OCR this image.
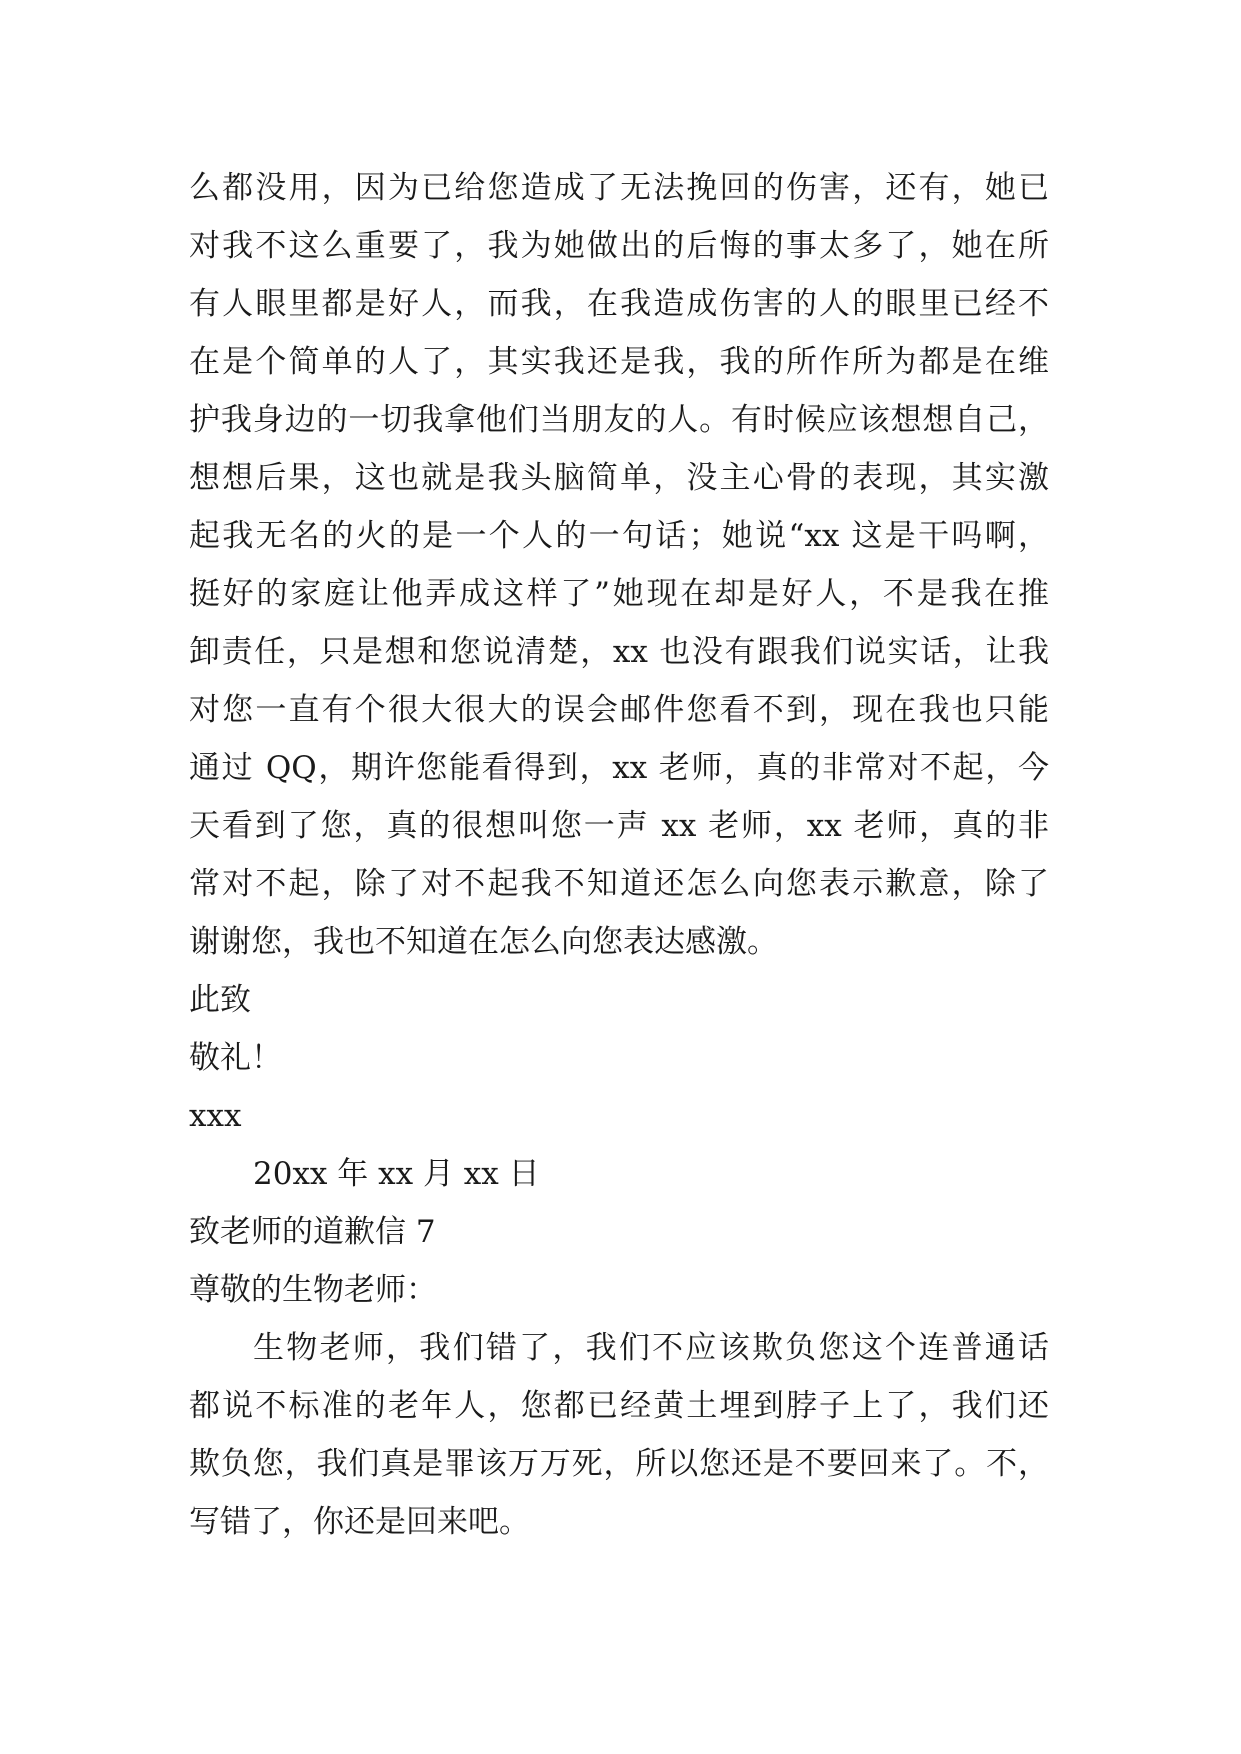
么都没用，因为已给您造成了无法挽回的伤害，还有，她已
对我不这么重要了，我为她做出的后悔的事太多了，她在所
有人眼里都是好人，而我，在我造成伤害的人的眼里已经不
在是个简单的人了，其实我还是我，我的所作所为都是在维
护我身边的一切我拿他们当朋友的人。有时候应该想想自己，
想想后果，这也就是我头脑简单，没主心骨的表现，其实激
起我无名的火的是一个人的一句话；她说“xx 这是干吗啊，
挺好的家庭让他弄成这样了”她现在却是好人，不是我在推
卸责任，只是想和您说清楚，xx 也没有跟我们说实话，让我
对您一直有个很大很大的误会邮件您看不到，现在我也只能
通过 QQ，期许您能看得到，xx 老师，真的非常对不起，今
天看到了您，真的很想叫您一声 xx 老师，xx 老师，真的非
常对不起，除了对不起我不知道还怎么向您表示歉意，除了
谢谢您，我也不知道在怎么向您表达感激。
此致
敬礼！
xxx
20xx 年 xx 月 xx 日
致老师的道歉信 7
尊敬的生物老师：
生物老师，我们错了，我们不应该欺负您这个连普通话
都说不标准的老年人，您都已经黄土埋到脖子上了，我们还
欺负您，我们真是罪该万万死，所以您还是不要回来了。不，
写错了，你还是回来吧。
